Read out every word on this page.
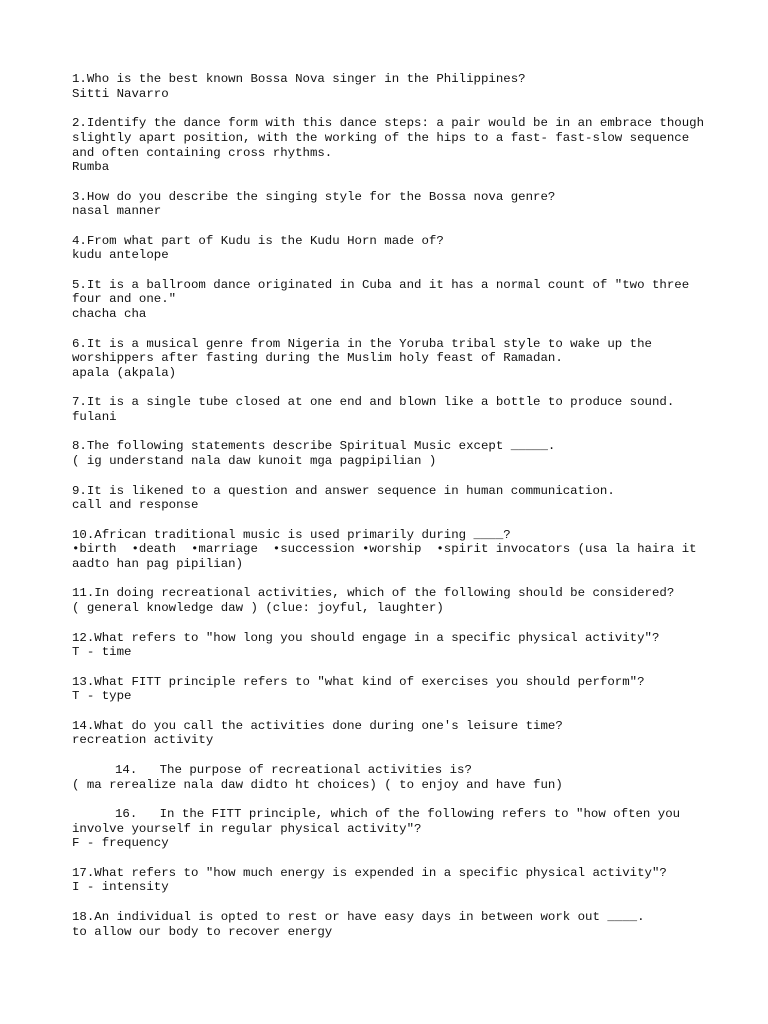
1.Who is the best known Bossa Nova singer in the Philippines?
Sitti Navarro
2.Identify the dance form with this dance steps: a pair would be in an embrace though slightly apart position, with the working of the hips to a fast- fast-slow sequence and often containing cross rhythms.
Rumba
3.How do you describe the singing style for the Bossa nova genre?
nasal manner
4.From what part of Kudu is the Kudu Horn made of?
kudu antelope
5.It is a ballroom dance originated in Cuba and it has a normal count of "two three four and one."
chacha cha
6.It is a musical genre from Nigeria in the Yoruba tribal style to wake up the worshippers after fasting during the Muslim holy feast of Ramadan.
apala (akpala)
7.It is a single tube closed at one end and blown like a bottle to produce sound.
fulani
8.The following statements describe Spiritual Music except _____.
( ig understand nala daw kunoit mga pagpipilian )
9.It is likened to a question and answer sequence in human communication.
call and response
10.African traditional music is used primarily during ____?
•birth  •death  •marriage  •succession •worship  •spirit invocators (usa la haira it aadto han pag pipilian)
11.In doing recreational activities, which of the following should be considered?
( general knowledge daw ) (clue: joyful, laughter)
12.What refers to "how long you should engage in a specific physical activity"?
T - time
13.What FITT principle refers to "what kind of exercises you should perform"?
T - type
14.What do you call the activities done during one's leisure time?
recreation activity
14.   The purpose of recreational activities is?
( ma rerealize nala daw didto ht choices) ( to enjoy and have fun)
16.   In the FITT principle, which of the following refers to "how often you involve yourself in regular physical activity"?
F - frequency
17.What refers to "how much energy is expended in a specific physical activity"?
I - intensity
18.An individual is opted to rest or have easy days in between work out ____.
to allow our body to recover energy
